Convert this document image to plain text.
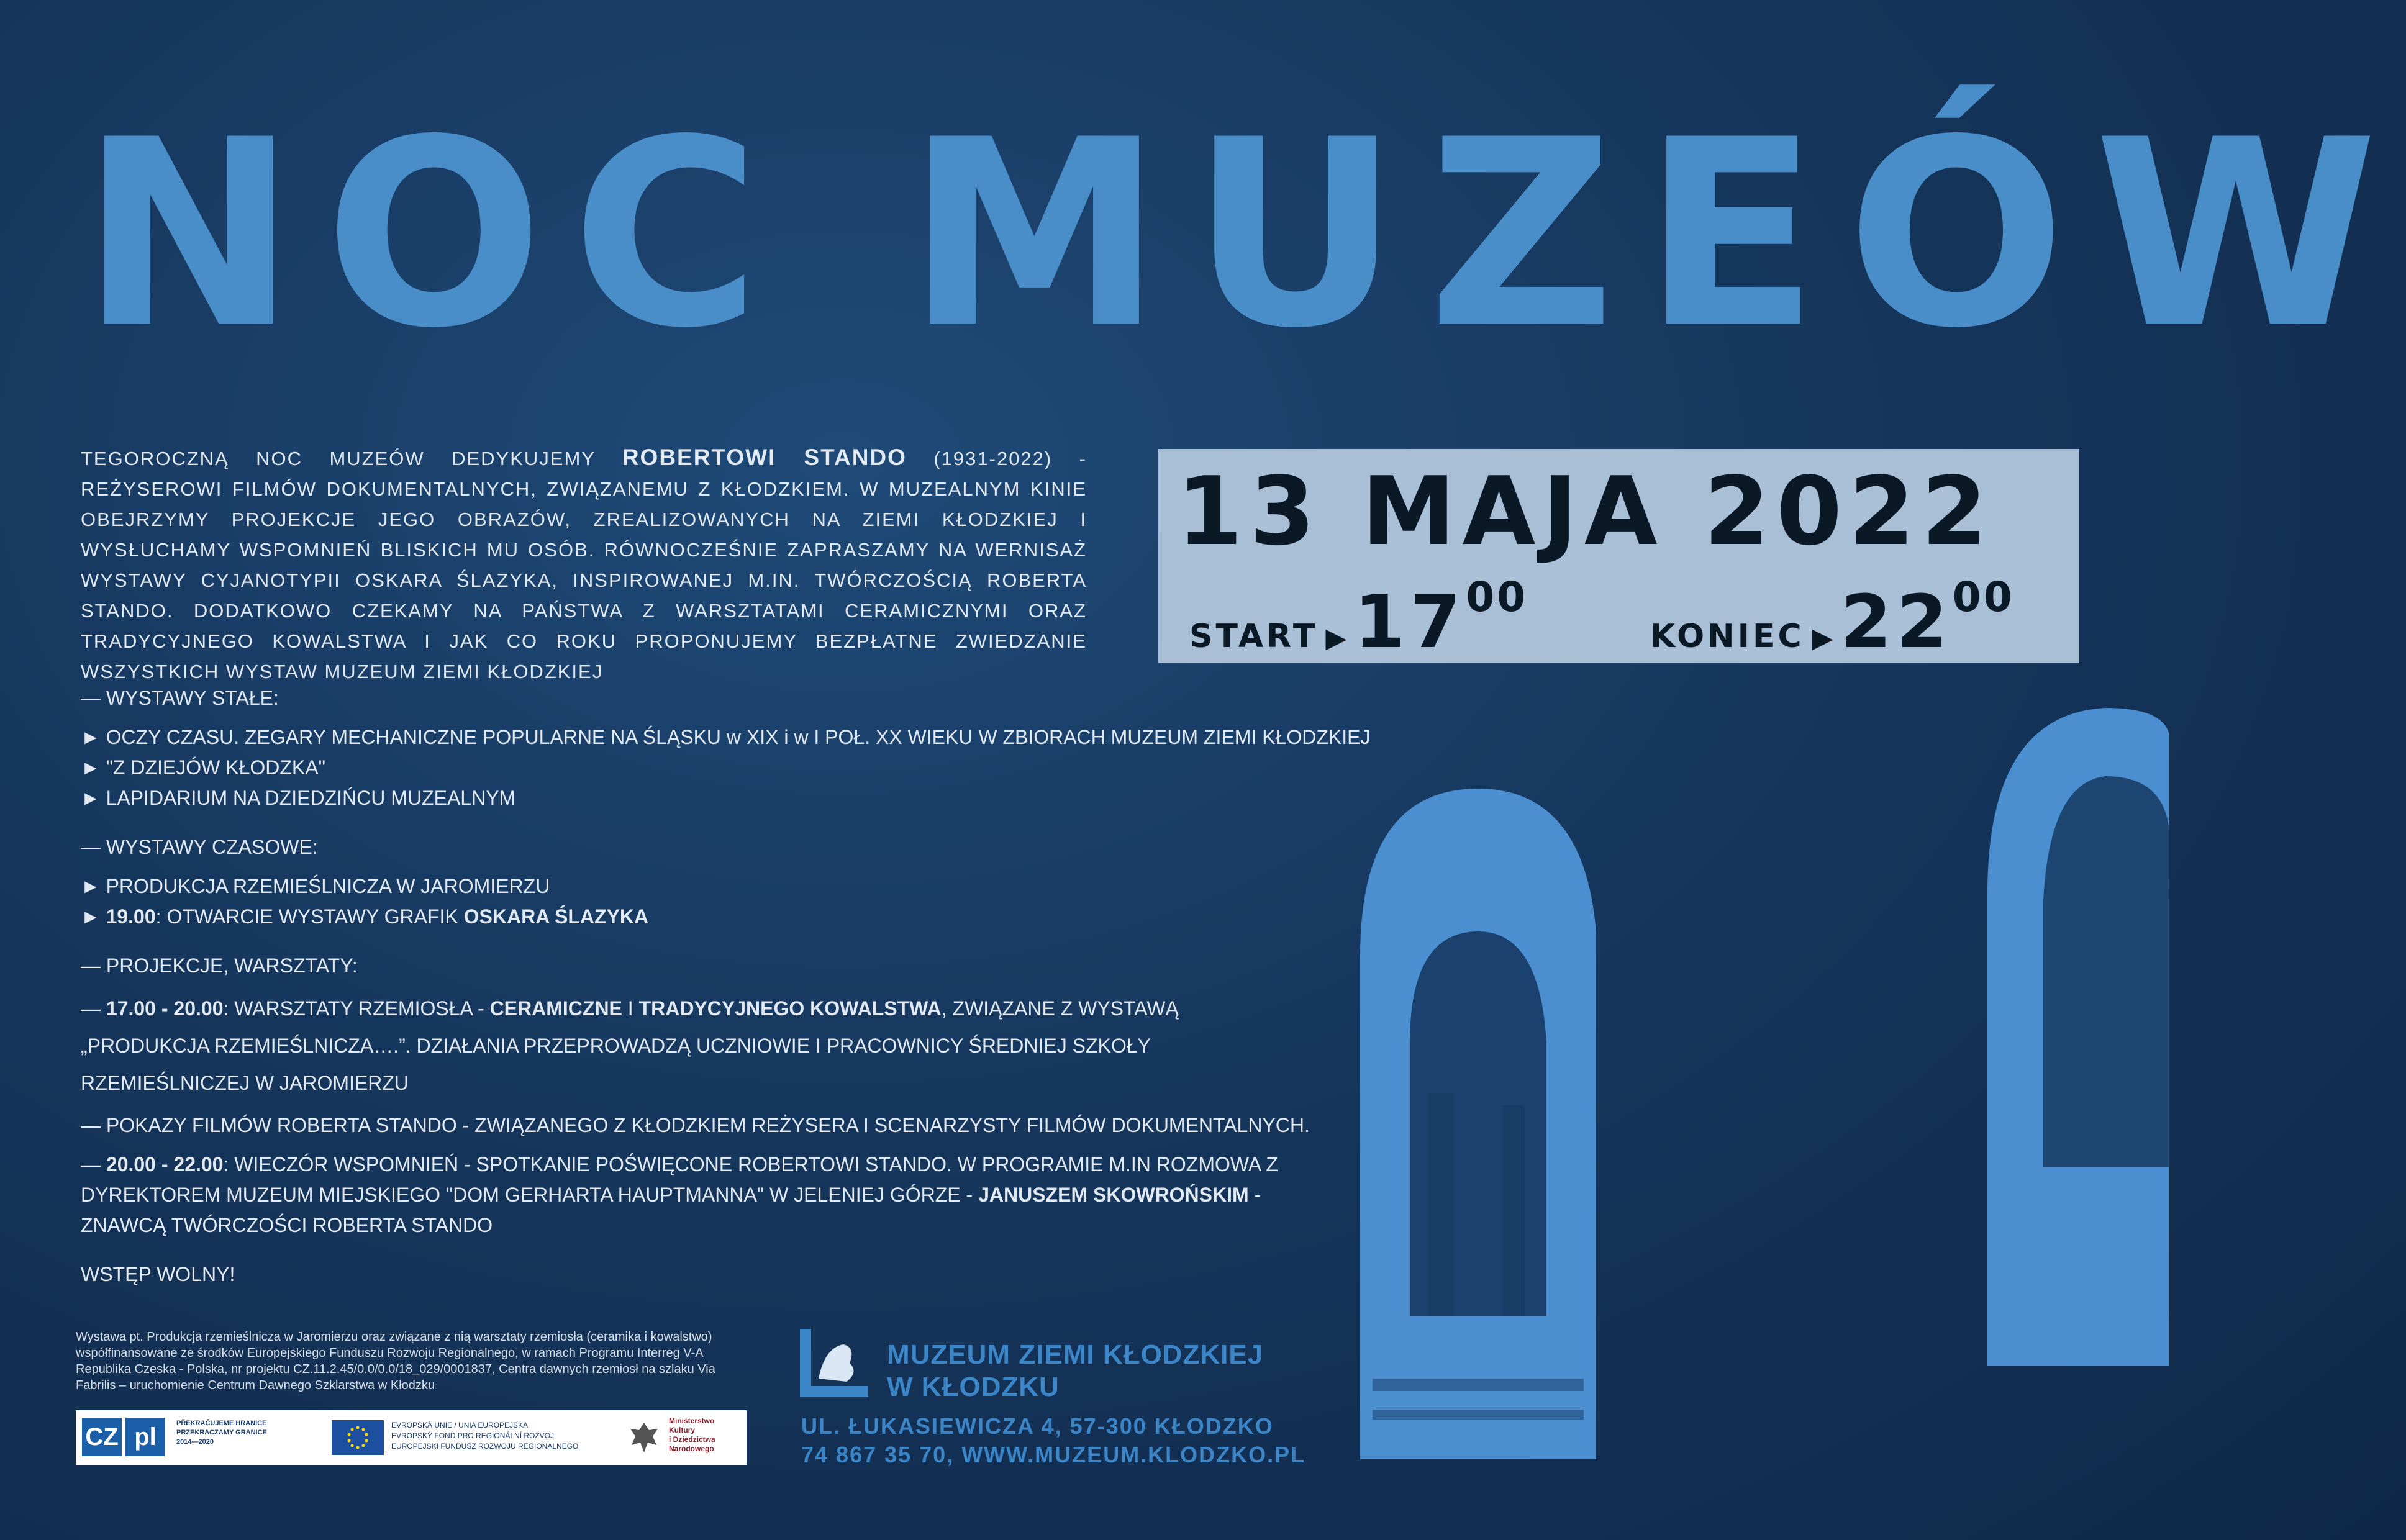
NOC MUZEÓW
TEGOROCZNĄ NOC MUZEÓW DEDYKUJEMY ROBERTOWI STANDO (1931-2022) - REŻYSEROWI FILMÓW DOKUMENTALNYCH, ZWIĄZANEMU Z KŁODZKIEM. W MUZEALNYM KINIE OBEJRZYMY PROJEKCJE JEGO OBRAZÓW, ZREALIZOWANYCH NA ZIEMI KŁODZKIEJ I WYSŁUCHAMY WSPOMNIEŃ BLISKICH MU OSÓB. RÓWNOCZEŚNIE ZAPRASZAMY NA WERNISAŻ WYSTAWY CYJANOTYPII OSKARA ŚLAZYKA, INSPIROWANEJ M.IN. TWÓRCZOŚCIĄ ROBERTA STANDO. DODATKOWO CZEKAMY NA PAŃSTWA Z WARSZTATAMI CERAMICZNYMI ORAZ TRADYCYJNEGO KOWALSTWA I JAK CO ROKU PROPONUJEMY BEZPŁATNE ZWIEDZANIE WSZYSTKICH WYSTAW MUZEUM ZIEMI KŁODZKIEJ
13 MAJA 2022
START ▶ 1700
KONIEC ▶ 2200
— WYSTAWY STAŁE:
► OCZY CZASU. ZEGARY MECHANICZNE POPULARNE NA ŚLĄSKU w XIX i w I POŁ. XX WIEKU W ZBIORACH MUZEUM ZIEMI KŁODZKIEJ
► "Z DZIEJÓW KŁODZKA"
► LAPIDARIUM NA DZIEDZIŃCU MUZEALNYM
— WYSTAWY CZASOWE:
► PRODUKCJA RZEMIEŚLNICZA W JAROMIERZU
► 19.00: OTWARCIE WYSTAWY GRAFIK OSKARA ŚLAZYKA
— PROJEKCJE, WARSZTATY:
— 17.00 - 20.00: WARSZTATY RZEMIOSŁA - CERAMICZNE I TRADYCYJNEGO KOWALSTWA, ZWIĄZANE Z WYSTAWĄ „PRODUKCJA RZEMIEŚLNICZA….”. DZIAŁANIA PRZEPROWADZĄ UCZNIOWIE I PRACOWNICY ŚREDNIEJ SZKOŁY RZEMIEŚLNICZEJ W JAROMIERZU
— POKAZY FILMÓW ROBERTA STANDO - ZWIĄZANEGO Z KŁODZKIEM REŻYSERA I SCENARZYSTY FILMÓW DOKUMENTALNYCH.
— 20.00 - 22.00: WIECZÓR WSPOMNIEŃ - SPOTKANIE POŚWIĘCONE ROBERTOWI STANDO. W PROGRAMIE M.IN ROZMOWA Z DYREKTOREM MUZEUM MIEJSKIEGO "DOM GERHARTA HAUPTMANNA" W JELENIEJ GÓRZE - JANUSZEM SKOWROŃSKIM - ZNAWCĄ TWÓRCZOŚCI ROBERTA STANDO
WSTĘP WOLNY!
Wystawa pt. Produkcja rzemieślnicza w Jaromierzu oraz związane z nią warsztaty rzemiosła (ceramika i kowalstwo) współfinansowane ze środków Europejskiego Funduszu Rozwoju Regionalnego, w ramach Programu Interreg V-A Republika Czeska - Polska, nr projektu CZ.11.2.45/0.0/0.0/18_029/0001837, Centra dawnych rzemiosł na szlaku Via Fabrilis – uruchomienie Centrum Dawnego Szklarstwa w Kłodzku
CZ pl	PŘEKRAČUJEME HRANICE
PRZEKRACZAMY GRANICE
2014—2020
EVROPSKÁ UNIE / UNIA EUROPEJSKA
EVROPSKÝ FOND PRO REGIONÁLNÍ ROZVOJ
EUROPEJSKI FUNDUSZ ROZWOJU REGIONALNEGO
Ministerstwo
Kultury
i Dziedzictwa
Narodowego
MUZEUM ZIEMI KŁODZKIEJ
W KŁODZKU
UL. ŁUKASIEWICZA 4, 57-300 KŁODZKO
74 867 35 70, WWW.MUZEUM.KLODZKO.PL
